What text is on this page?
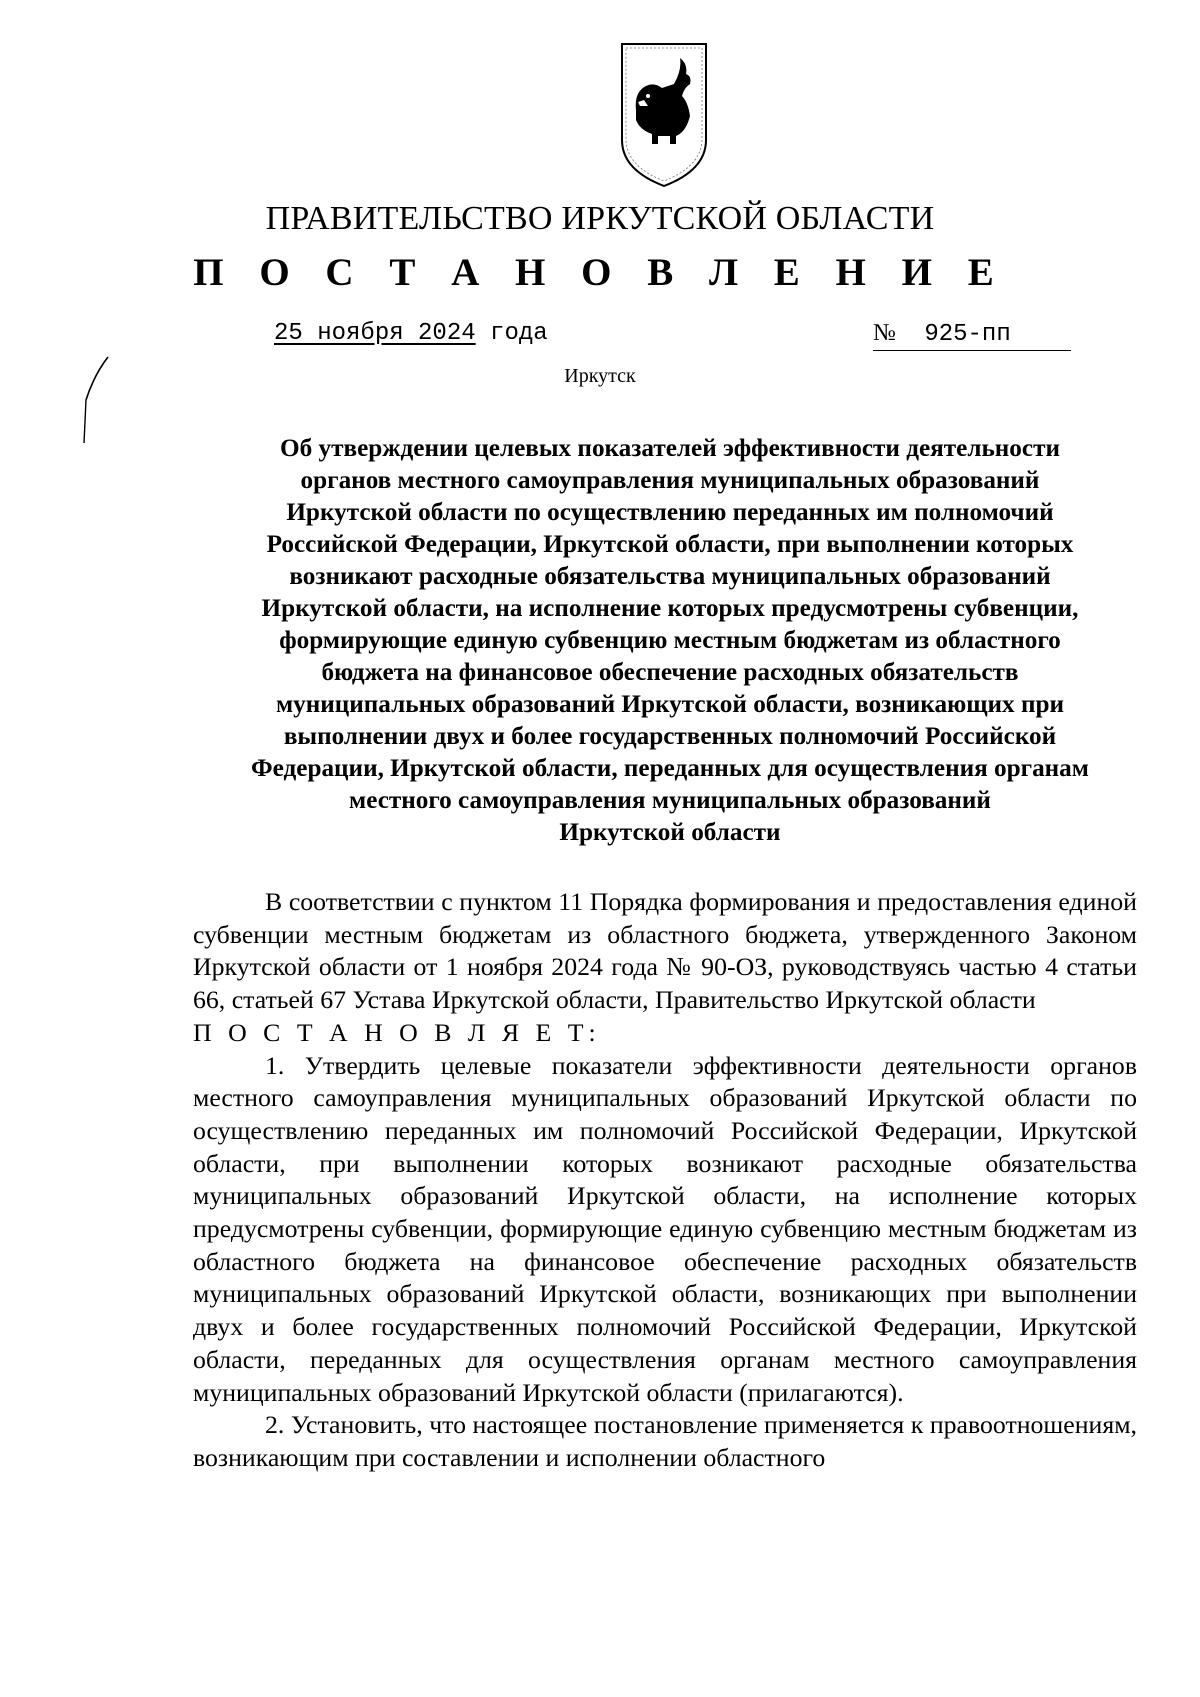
ПРАВИТЕЛЬСТВО ИРКУТСКОЙ ОБЛАСТИ
П О С Т А Н О В Л Е Н И Е
25 ноября 2024 года	№ 925-пп
Иркутск
Об утверждении целевых показателей эффективности деятельности
органов местного самоуправления муниципальных образований
Иркутской области по осуществлению переданных им полномочий
Российской Федерации, Иркутской области, при выполнении которых
возникают расходные обязательства муниципальных образований
Иркутской области, на исполнение которых предусмотрены субвенции,
формирующие единую субвенцию местным бюджетам из областного
бюджета на финансовое обеспечение расходных обязательств
муниципальных образований Иркутской области, возникающих при
выполнении двух и более государственных полномочий Российской
Федерации, Иркутской области, переданных для осуществления органам
местного самоуправления муниципальных образований
Иркутской области

В соответствии с пунктом 11 Порядка формирования и предоставления единой субвенции местным бюджетам из областного бюджета, утвержденного Законом Иркутской области от 1 ноября 2024 года № 90-ОЗ, руководствуясь частью 4 статьи 66, статьей 67 Устава Иркутской области, Правительство Иркутской области

П О С Т А Н О В Л Я Е Т:

1. Утвердить целевые показатели эффективности деятельности органов местного самоуправления муниципальных образований Иркутской области по осуществлению переданных им полномочий Российской Федерации, Иркутской области, при выполнении которых возникают расходные обязательства муниципальных образований Иркутской области, на исполнение которых предусмотрены субвенции, формирующие единую субвенцию местным бюджетам из областного бюджета на финансовое обеспечение расходных обязательств муниципальных образований Иркутской области, возникающих при выполнении двух и более государственных полномочий Российской Федерации, Иркутской области, переданных для осуществления органам местного самоуправления муниципальных образований Иркутской области (прилагаются).

2. Установить, что настоящее постановление применяется к правоотношениям, возникающим при составлении и исполнении областного
